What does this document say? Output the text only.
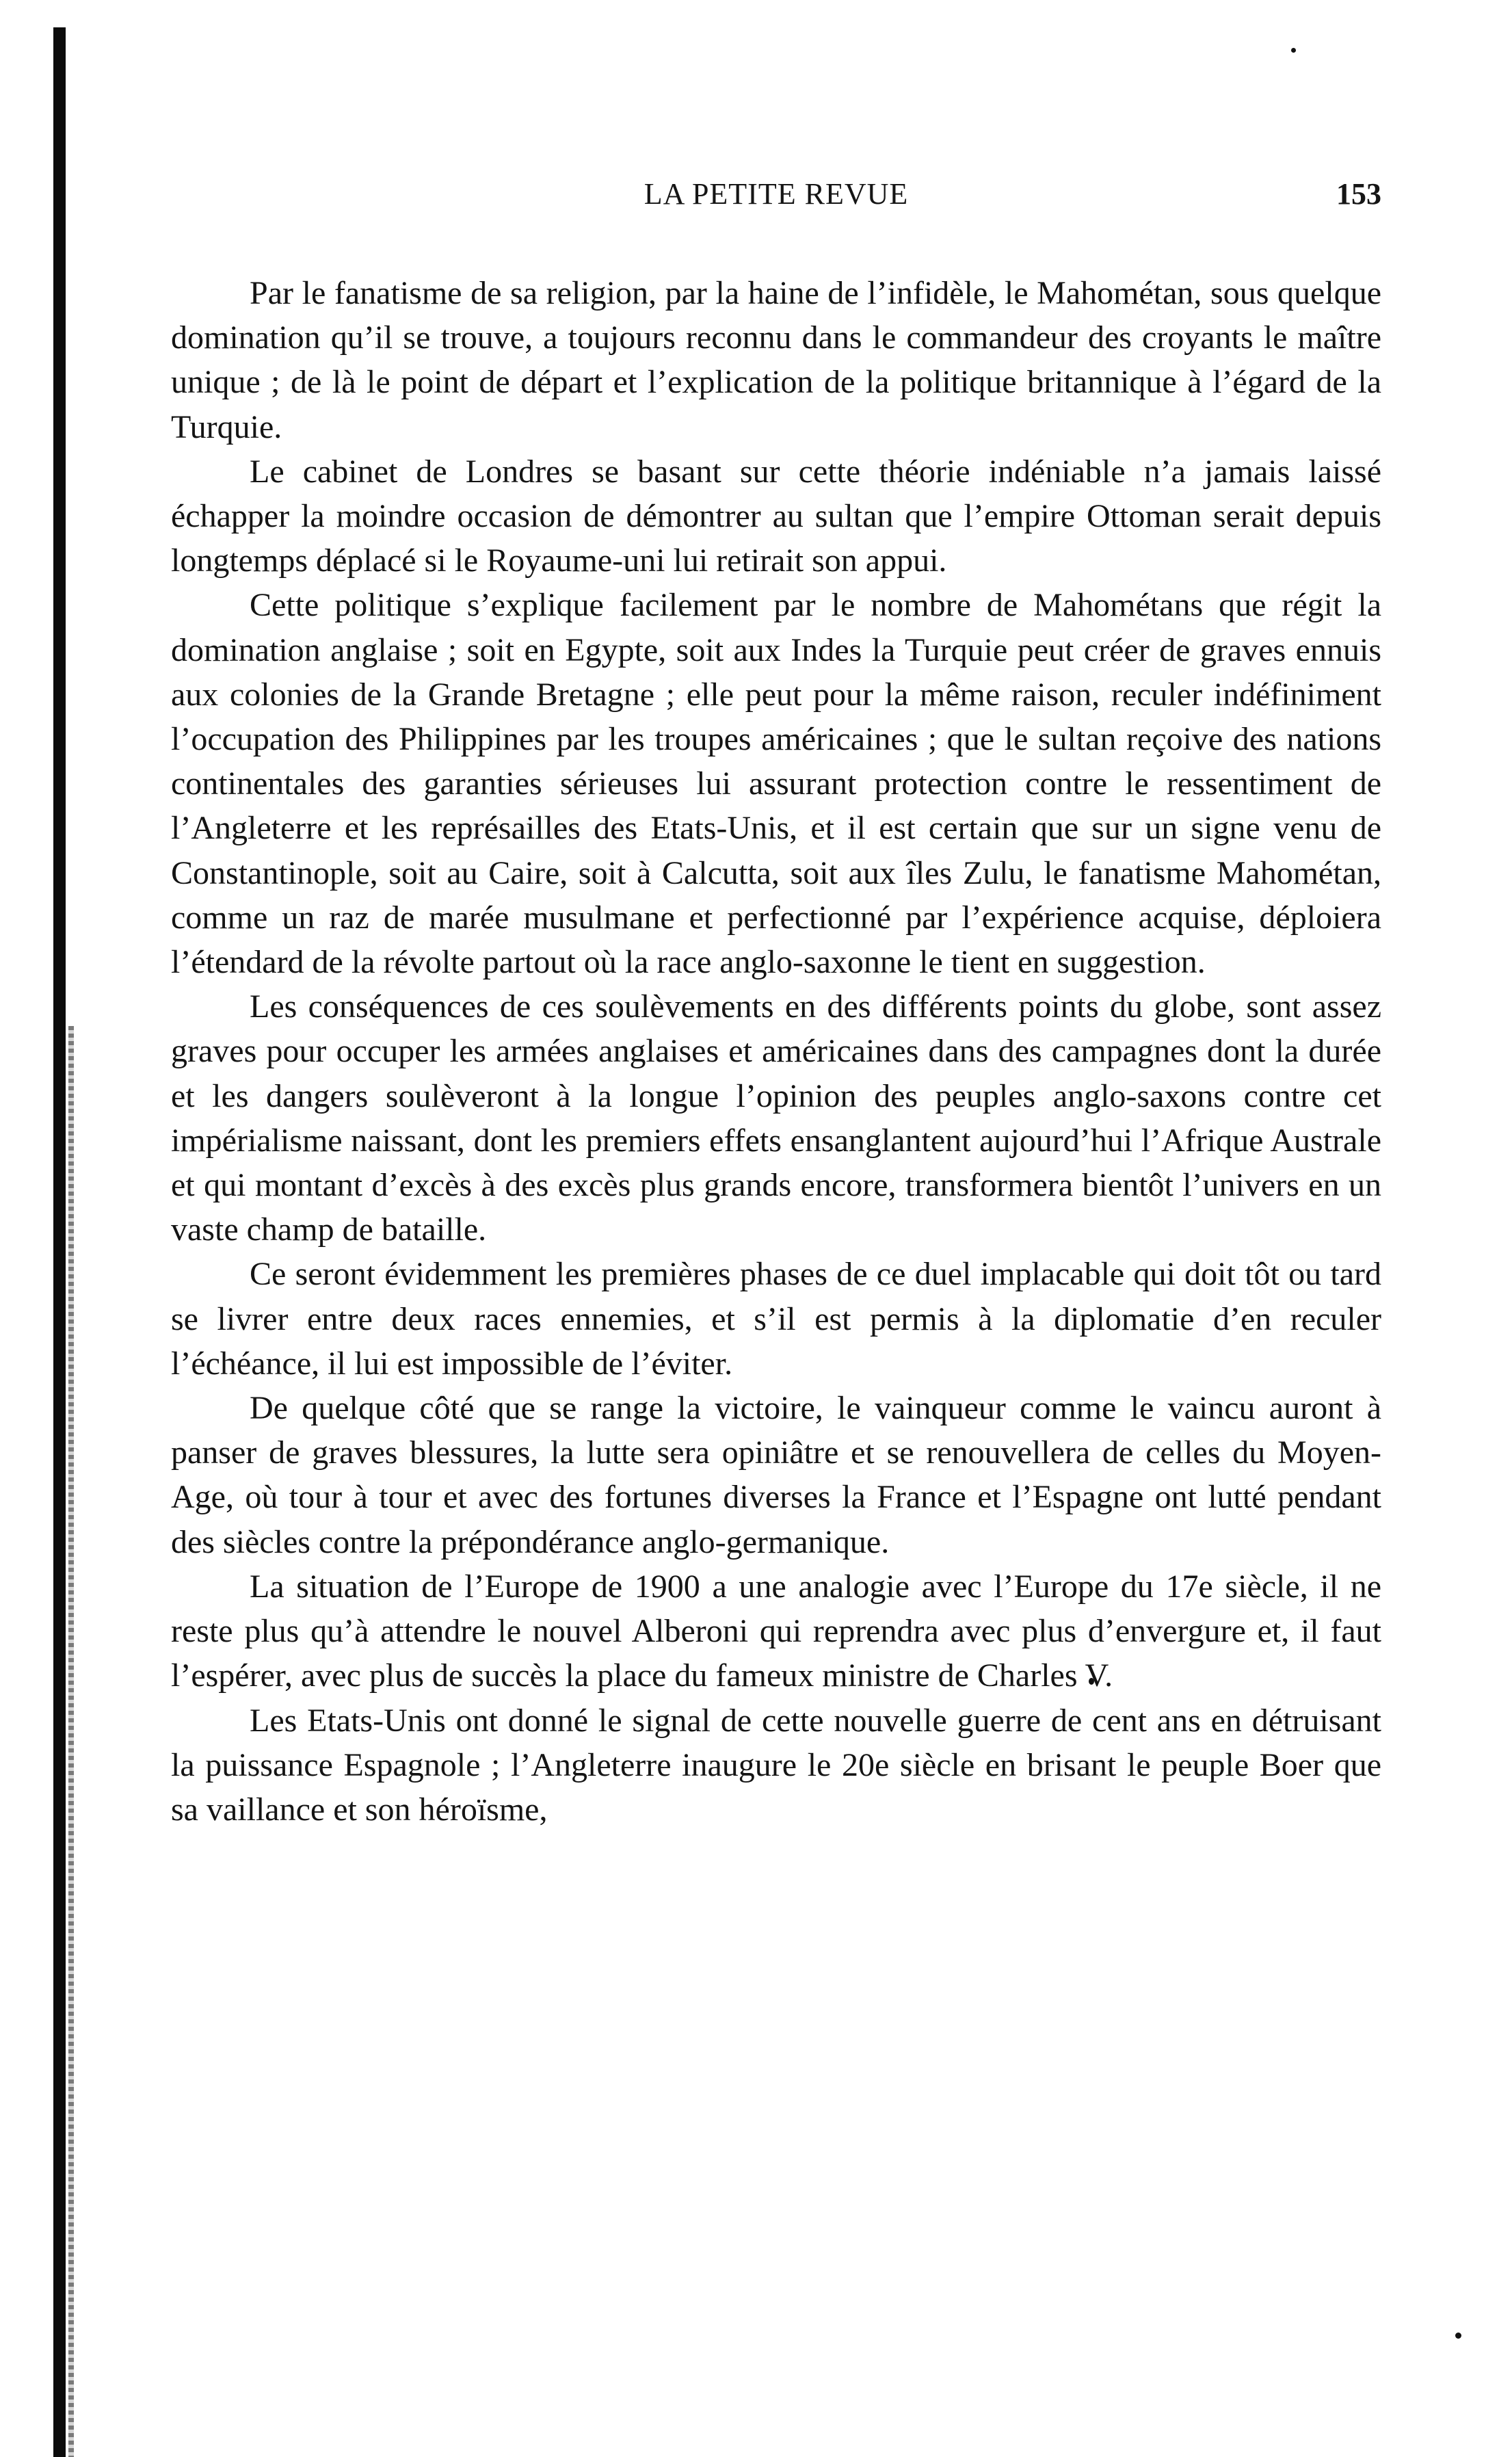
LA PETITE REVUE	153

Par le fanatisme de sa religion, par la haine de l’infidèle, le Mahométan, sous quelque domination qu’il se trouve, a toujours reconnu dans le commandeur des croyants le maître unique ; de là le point de départ et l’explication de la politique britannique à l’égard de la Turquie.

Le cabinet de Londres se basant sur cette théorie indéniable n’a jamais laissé échapper la moindre occasion de démontrer au sultan que l’empire Ottoman serait depuis longtemps déplacé si le Royaume-uni lui retirait son appui.

Cette politique s’explique facilement par le nombre de Mahométans que régit la domination anglaise ; soit en Egypte, soit aux Indes la Turquie peut créer de graves ennuis aux colonies de la Grande Bretagne ; elle peut pour la même raison, reculer indéfiniment l’occupation des Philippines par les troupes américaines ; que le sultan reçoive des nations continentales des garanties sérieuses lui assurant protection contre le ressentiment de l’Angleterre et les représailles des Etats-Unis, et il est certain que sur un signe venu de Constantinople, soit au Caire, soit à Calcutta, soit aux îles Zulu, le fanatisme Mahométan, comme un raz de marée musulmane et perfectionné par l’expérience acquise, déploiera l’étendard de la révolte partout où la race anglo-saxonne le tient en suggestion.

Les conséquences de ces soulèvements en des différents points du globe, sont assez graves pour occuper les armées anglaises et américaines dans des campagnes dont la durée et les dangers soulèveront à la longue l’opinion des peuples anglo-saxons contre cet impérialisme naissant, dont les premiers effets ensanglantent aujourd’hui l’Afrique Australe et qui montant d’excès à des excès plus grands encore, transformera bientôt l’univers en un vaste champ de bataille.

Ce seront évidemment les premières phases de ce duel implacable qui doit tôt ou tard se livrer entre deux races ennemies, et s’il est permis à la diplomatie d’en reculer l’échéance, il lui est impossible de l’éviter.

De quelque côté que se range la victoire, le vainqueur comme le vaincu auront à panser de graves blessures, la lutte sera opiniâtre et se renouvellera de celles du Moyen-Age, où tour à tour et avec des fortunes diverses la France et l’Espagne ont lutté pendant des siècles contre la prépondérance anglo-germanique.

La situation de l’Europe de 1900 a une analogie avec l’Europe du 17e siècle, il ne reste plus qu’à attendre le nouvel Alberoni qui reprendra avec plus d’envergure et, il faut l’espérer, avec plus de succès la place du fameux ministre de Charles V.

Les Etats-Unis ont donné le signal de cette nouvelle guerre de cent ans en détruisant la puissance Espagnole ; l’Angleterre inaugure le 20e siècle en brisant le peuple Boer que sa vaillance et son héroïsme,
